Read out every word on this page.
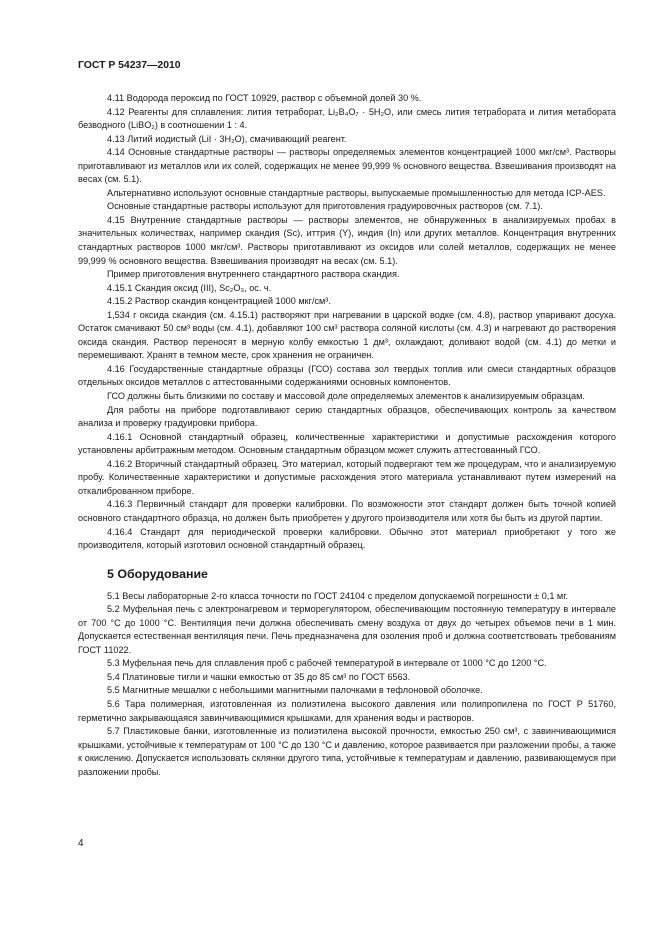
ГОСТ Р 54237—2010

4.11 Водорода пероксид по ГОСТ 10929, раствор с объемной долей 30 %.

4.12 Реагенты для сплавления: лития тетраборат, Li₂B₄O₇ · 5H₂O, или смесь лития тетрабората и лития метабората безводного (LiBO₂) в соотношении 1 : 4.

4.13 Литий иодистый (LiI · 3H₂O), смачивающий реагент.

4.14 Основные стандартные растворы — растворы определяемых элементов концентрацией 1000 мкг/см³. Растворы приготавливают из металлов или их солей, содержащих не менее 99,999 % основного вещества. Взвешивания производят на весах (см. 5.1).

Альтернативно используют основные стандартные растворы, выпускаемые промышленностью для метода ICP-AES.

Основные стандартные растворы используют для приготовления градуировочных растворов (см. 7.1).

4.15 Внутренние стандартные растворы — растворы элементов, не обнаруженных в анализируемых пробах в значительных количествах, например скандия (Sc), иттрия (Y), индия (In) или других металлов. Концентрация внутренних стандартных растворов 1000 мкг/см³. Растворы приготавливают из оксидов или солей металлов, содержащих не менее 99,999 % основного вещества. Взвешивания производят на весах (см. 5.1).

Пример приготовления внутреннего стандартного раствора скандия.

4.15.1 Скандия оксид (III), Sc₂O₃, ос. ч.

4.15.2 Раствор скандия концентрацией 1000 мкг/см³.

1,534 г оксида скандия (см. 4.15.1) растворяют при нагревании в царской водке (см. 4.8), раствор упаривают досуха. Остаток смачивают 50 см³ воды (см. 4.1), добавляют 100 см³ раствора соляной кислоты (см. 4.3) и нагревают до растворения оксида скандия. Раствор переносят в мерную колбу емкостью 1 дм³, охлаждают, доливают водой (см. 4.1) до метки и перемешивают. Хранят в темном месте, срок хранения не ограничен.

4.16 Государственные стандартные образцы (ГСО) состава зол твердых топлив или смеси стандартных образцов отдельных оксидов металлов с аттестованными содержаниями основных компонентов.

ГСО должны быть близкими по составу и массовой доле определяемых элементов к анализируемым образцам.

Для работы на приборе подготавливают серию стандартных образцов, обеспечивающих контроль за качеством анализа и проверку градуировки прибора.

4.16.1 Основной стандартный образец, количественные характеристики и допустимые расхождения которого установлены арбитражным методом. Основным стандартным образцом может служить аттестованный ГСО.

4.16.2 Вторичный стандартный образец. Это материал, который подвергают тем же процедурам, что и анализируемую пробу. Количественные характеристики и допустимые расхождения этого материала устанавливают путем измерений на откалиброванном приборе.

4.16.3 Первичный стандарт для проверки калибровки. По возможности этот стандарт должен быть точной копией основного стандартного образца, но должен быть приобретен у другого производителя или хотя бы быть из другой партии.

4.16.4 Стандарт для периодической проверки калибровки. Обычно этот материал приобретают у того же производителя, который изготовил основной стандартный образец.

5 Оборудование

5.1 Весы лабораторные 2-го класса точности по ГОСТ 24104 с пределом допускаемой погрешности ± 0,1 мг.

5.2 Муфельная печь с электронагревом и терморегулятором, обеспечивающим постоянную температуру в интервале от 700 °С до 1000 °С. Вентиляция печи должна обеспечивать смену воздуха от двух до четырех объемов печи в 1 мин. Допускается естественная вентиляция печи. Печь предназначена для озоления проб и должна соответствовать требованиям ГОСТ 11022.

5.3 Муфельная печь для сплавления проб с рабочей температурой в интервале от 1000 °С до 1200 °С.

5.4 Платиновые тигли и чашки емкостью от 35 до 85 см³ по ГОСТ 6563.

5.5 Магнитные мешалки с небольшими магнитными палочками в тефлоновой оболочке.

5.6 Тара полимерная, изготовленная из полиэтилена высокого давления или полипропилена по ГОСТ Р 51760, герметично закрывающаяся завинчивающимися крышками, для хранения воды и растворов.

5.7 Пластиковые банки, изготовленные из полиэтилена высокой прочности, емкостью 250 см³, с завинчивающимися крышками, устойчивые к температурам от 100 °С до 130 °С и давлению, которое развивается при разложении пробы, а также к окислению. Допускается использовать склянки другого типа, устойчивые к температурам и давлению, развивающемуся при разложении пробы.

4
